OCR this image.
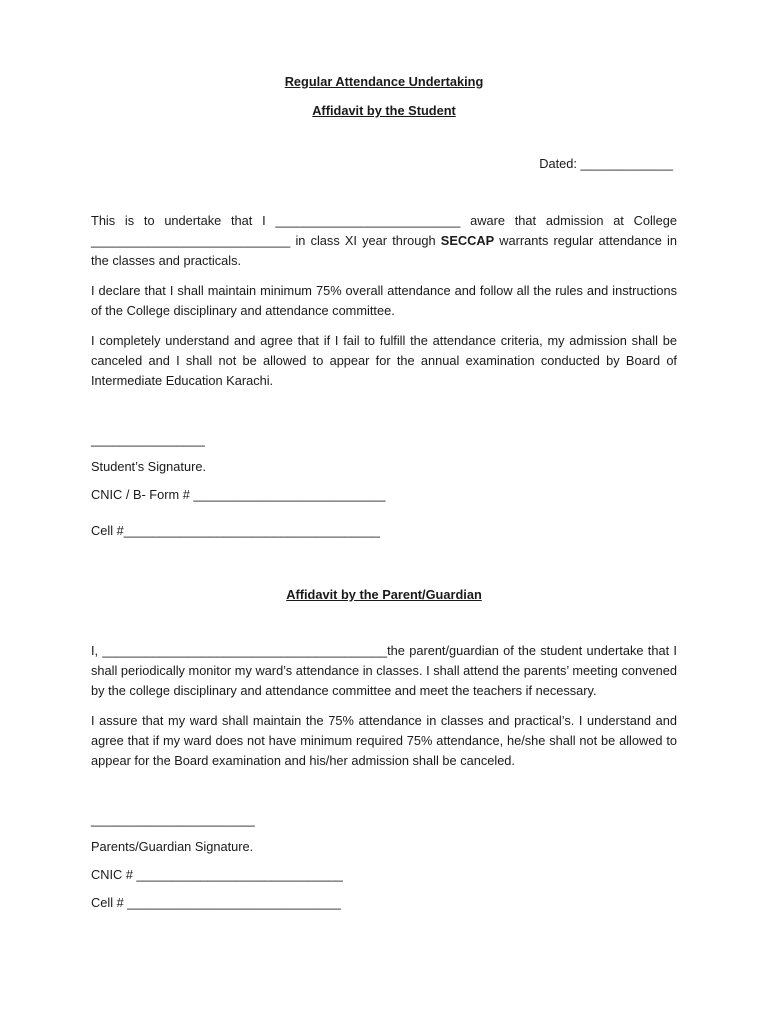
Regular Attendance Undertaking
Affidavit by the Student
Dated: _____________

This is to undertake that I __________________________ aware that admission at College ____________________________ in class XI year through SECCAP warrants regular attendance in the classes and practicals.

I declare that I shall maintain minimum 75% overall attendance and follow all the rules and instructions of the College disciplinary and attendance committee.

I completely understand and agree that if I fail to fulfill the attendance criteria, my admission shall be canceled and I shall not be allowed to appear for the annual examination conducted by Board of Intermediate Education Karachi.

________________
Student’s Signature.
CNIC / B- Form # ___________________________
Cell #____________________________________
Affidavit by the Parent/Guardian

I, ________________________________________the parent/guardian of the student undertake that I shall periodically monitor my ward’s attendance in classes. I shall attend the parents’ meeting convened by the college disciplinary and attendance committee and meet the teachers if necessary.

I assure that my ward shall maintain the 75% attendance in classes and practical’s. I understand and agree that if my ward does not have minimum required 75% attendance, he/she shall not be allowed to appear for the Board examination and his/her admission shall be canceled.

_______________________
Parents/Guardian Signature.
CNIC # _____________________________
Cell # ______________________________
